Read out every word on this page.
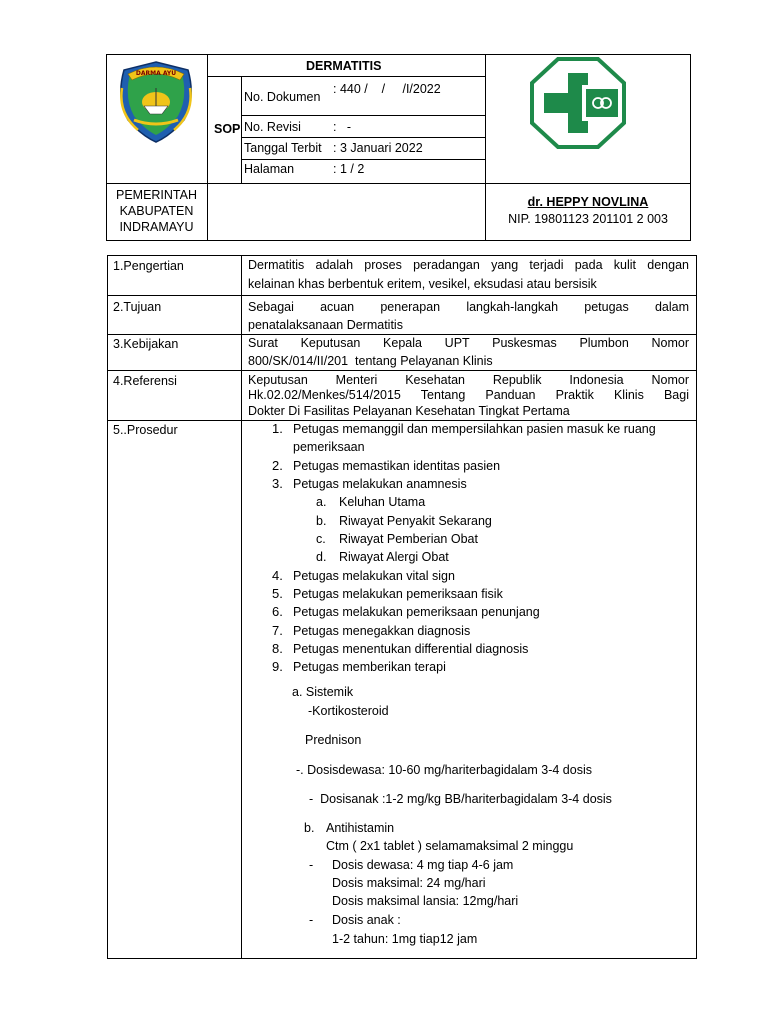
DARMA AYU
DERMATITIS
SOP
No. Dokumen
: 440 /    /     /I/2022
No. Revisi	:   -
Tanggal Terbit : 3 Januari 2022
Halaman	: 1 / 2
PEMERINTAH
KABUPATEN
INDRAMAYU
dr. HEPPY NOVLINA
NIP. 19801123 201101 2 003
1.Pengertian
2.Tujuan
3.Kebijakan
4.Referensi
5..Prosedur
Dermatitis adalah proses peradangan yang terjadi pada kulit dengan
kelainan khas berbentuk eritem, vesikel, eksudasi atau bersisik
Sebagai acuan penerapan langkah-langkah petugas dalam
penatalaksanaan Dermatitis
Surat Keputusan Kepala UPT Puskesmas Plumbon Nomor
800/SK/014/II/201  tentang Pelayanan Klinis
Keputusan Menteri Kesehatan Republik Indonesia Nomor
Hk.02.02/Menkes/514/2015 Tentang Panduan Praktik Klinis Bagi
Dokter Di Fasilitas Pelayanan Kesehatan Tingkat Pertama
1. Petugas memanggil dan mempersilahkan pasien masuk ke ruang
pemeriksaan
2. Petugas memastikan identitas pasien
3. Petugas melakukan anamnesis
a. Keluhan Utama
b. Riwayat Penyakit Sekarang
c. Riwayat Pemberian Obat
d. Riwayat Alergi Obat
4. Petugas melakukan vital sign
5. Petugas melakukan pemeriksaan fisik
6. Petugas melakukan pemeriksaan penunjang
7. Petugas menegakkan diagnosis
8. Petugas menentukan differential diagnosis
9. Petugas memberikan terapi
a. Sistemik
-Kortikosteroid
Prednison
-. Dosisdewasa: 10-60 mg/hariterbagidalam 3-4 dosis
-  Dosisanak :1-2 mg/kg BB/hariterbagidalam 3-4 dosis
b. Antihistamin
Ctm ( 2x1 tablet ) selamamaksimal 2 minggu
- Dosis dewasa: 4 mg tiap 4-6 jam
Dosis maksimal: 24 mg/hari
Dosis maksimal lansia: 12mg/hari
- Dosis anak :
1-2 tahun: 1mg tiap12 jam
